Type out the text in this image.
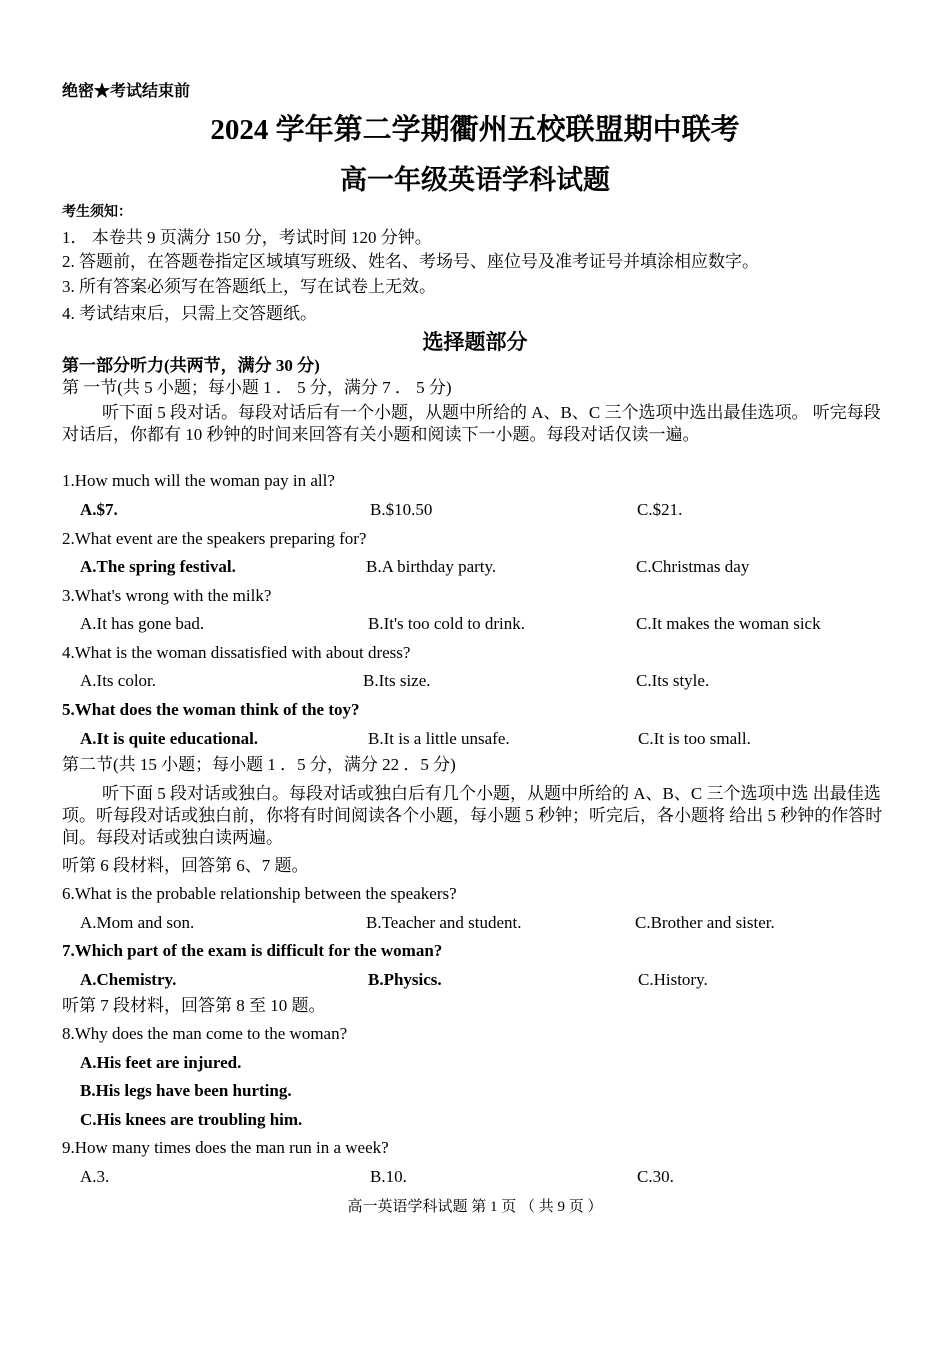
绝密★考试结束前
2024 学年第二学期衢州五校联盟期中联考
高一年级英语学科试题
考生须知：
1． 本卷共 9 页满分 150 分，考试时间 120 分钟。
2. 答题前，在答题卷指定区域填写班级、姓名、考场号、座位号及准考证号并填涂相应数字。
3. 所有答案必须写在答题纸上，写在试卷上无效。
4. 考试结束后，只需上交答题纸。
选择题部分
第一部分听力(共两节，满分 30 分)
第 一节(共 5 小题；每小题 1 ． 5 分，满分 7 ． 5 分)
听下面 5 段对话。每段对话后有一个小题，从题中所给的 A、B、C 三个选项中选出最佳选项。 听完每段对话后，你都有 10 秒钟的时间来回答有关小题和阅读下一小题。每段对话仅读一遍。
1.How much will the woman pay in all?
A.$7.	B.$10.50	C.$21.
2.What event are the speakers preparing for?
A.The spring festival.	B.A birthday party.	C.Christmas day
3.What's wrong with the milk?
A.It has gone bad.	B.It's too cold to drink.	C.It makes the woman sick
4.What is the woman dissatisfied with about dress?
A.Its color.	B.Its size.	C.Its style.
5.What does the woman think of the toy?
A.It is quite educational.	B.It is a little unsafe.	C.It is too small.
第二节(共 15 小题；每小题 1 ．5 分，满分 22 ．5 分)
听下面 5 段对话或独白。每段对话或独白后有几个小题，从题中所给的 A、B、C 三个选项中选 出最佳选项。听每段对话或独白前，你将有时间阅读各个小题，每小题 5 秒钟；听完后，各小题将 给出 5 秒钟的作答时间。每段对话或独白读两遍。
听第 6 段材料，回答第 6、7 题。
6.What is the probable relationship between the speakers?
A.Mom and son.	B.Teacher and student.	C.Brother and sister.
7.Which part of the exam is difficult for the woman?
A.Chemistry.	B.Physics.	C.History.
听第 7 段材料，回答第 8 至 10 题。
8.Why does the man come to the woman?
A.His feet are injured.
B.His legs have been hurting.
C.His knees are troubling him.
9.How many times does the man run in a week?
A.3.	B.10.	C.30.
高一英语学科试题 第 1 页 （ 共 9 页 ）
